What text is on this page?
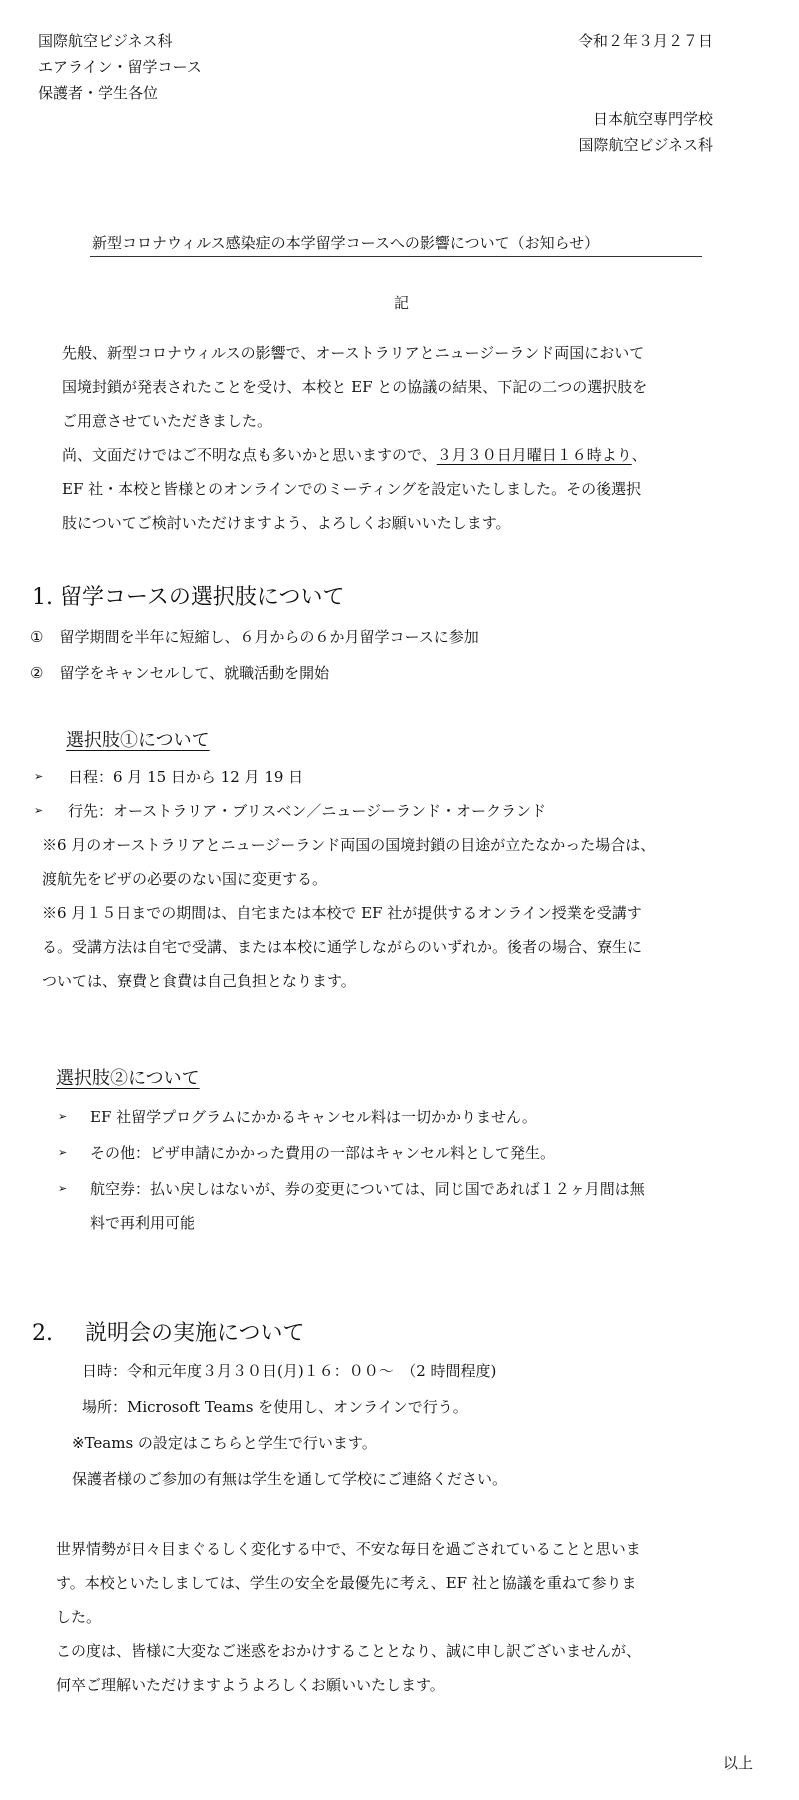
国際航空ビジネス科
エアライン・留学コース
保護者・学生各位
令和２年３月２７日
日本航空専門学校
国際航空ビジネス科
新型コロナウィルス感染症の本学留学コースへの影響について（お知らせ）
記
先般、新型コロナウィルスの影響で、オーストラリアとニュージーランド両国において
国境封鎖が発表されたことを受け、本校と EF との協議の結果、下記の二つの選択肢を
ご用意させていただきました。
尚、文面だけではご不明な点も多いかと思いますので、３月３０日月曜日１６時より、
EF 社・本校と皆様とのオンラインでのミーティングを設定いたしました。その後選択
肢についてご検討いただけますよう、よろしくお願いいたします。
1. 留学コースの選択肢について
① 留学期間を半年に短縮し、６月からの６か月留学コースに参加
② 留学をキャンセルして、就職活動を開始
選択肢①について
➢ 日程：6 月 15 日から 12 月 19 日
➢ 行先：オーストラリア・ブリスベン／ニュージーランド・オークランド
※6 月のオーストラリアとニュージーランド両国の国境封鎖の目途が立たなかった場合は、
渡航先をビザの必要のない国に変更する。
※6 月１５日までの期間は、自宅または本校で EF 社が提供するオンライン授業を受講す
る。受講方法は自宅で受講、または本校に通学しながらのいずれか。後者の場合、寮生に
ついては、寮費と食費は自己負担となります。
選択肢②について
➢ EF 社留学プログラムにかかるキャンセル料は一切かかりません。
➢ その他：ビザ申請にかかった費用の一部はキャンセル料として発生。
➢ 航空券：払い戻しはないが、券の変更については、同じ国であれば１２ヶ月間は無
料で再利用可能
2. 説明会の実施について
日時：令和元年度３月３０日(月)１６：００～　（2 時間程度)
場所：Microsoft Teams を使用し、オンラインで行う。
※Teams の設定はこちらと学生で行います。
保護者様のご参加の有無は学生を通して学校にご連絡ください。
世界情勢が日々目まぐるしく変化する中で、不安な毎日を過ごされていることと思いま
す。本校といたしましては、学生の安全を最優先に考え、EF 社と協議を重ねて参りま
した。
この度は、皆様に大変なご迷惑をおかけすることとなり、誠に申し訳ございませんが、
何卒ご理解いただけますようよろしくお願いいたします。
以上
